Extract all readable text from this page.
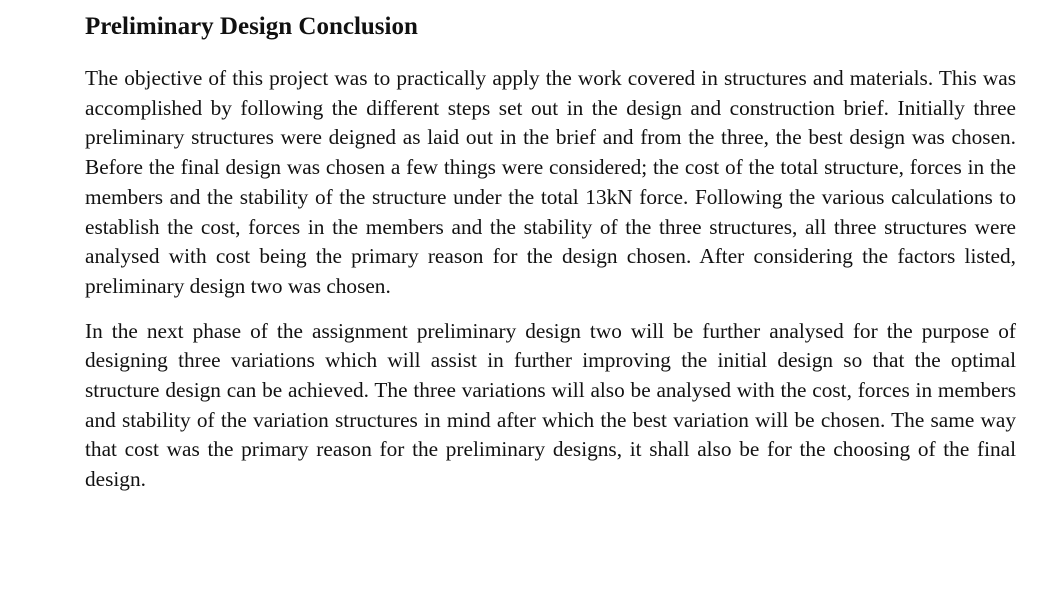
Preliminary Design Conclusion

The objective of this project was to practically apply the work covered in structures and materials. This was accomplished by following the different steps set out in the design and construction brief. Initially three preliminary structures were deigned as laid out in the brief and from the three, the best design was chosen. Before the final design was chosen a few things were considered; the cost of the total structure, forces in the members and the stability of the structure under the total 13kN force. Following the various calculations to establish the cost, forces in the members and the stability of the three structures, all three structures were analysed with cost being the primary reason for the design chosen. After considering the factors listed, preliminary design two was chosen.

In the next phase of the assignment preliminary design two will be further analysed for the purpose of designing three variations which will assist in further improving the initial design so that the optimal structure design can be achieved. The three variations will also be analysed with the cost, forces in members and stability of the variation structures in mind after which the best variation will be chosen. The same way that cost was the primary reason for the preliminary designs, it shall also be for the choosing of the final design.
